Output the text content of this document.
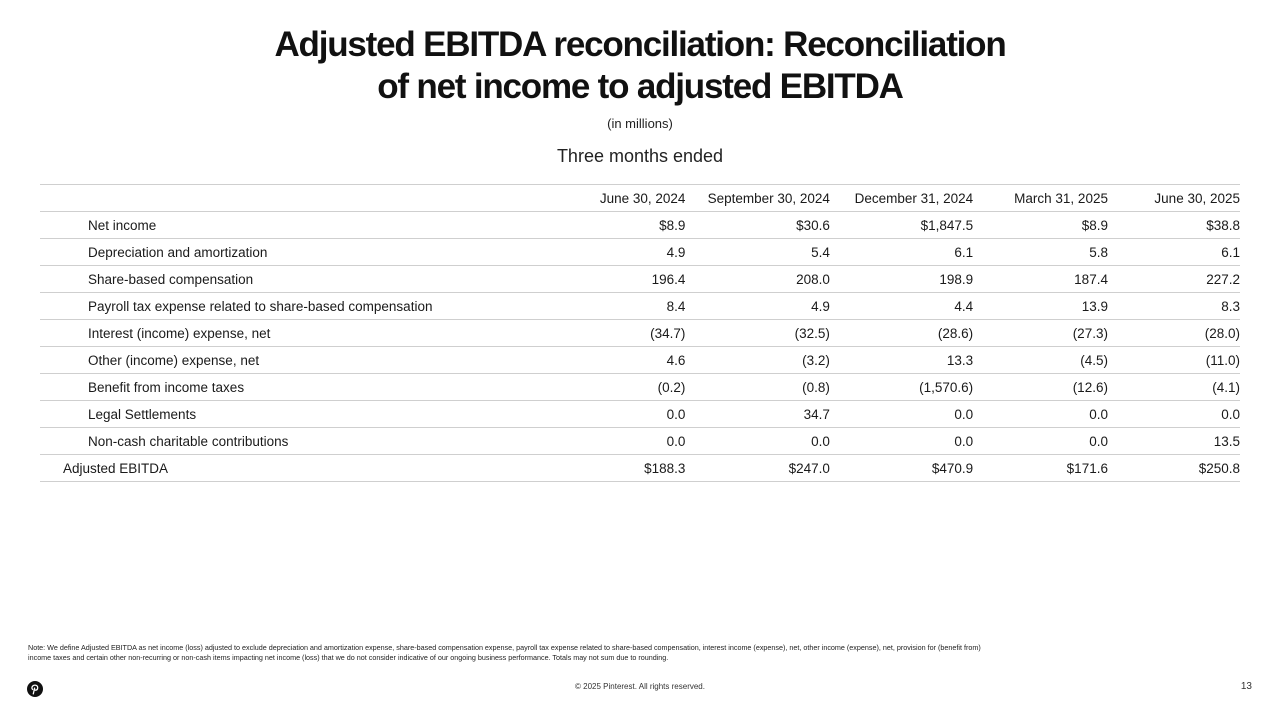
Adjusted EBITDA reconciliation: Reconciliation
of net income to adjusted EBITDA
(in millions)
Three months ended
	June 30, 2024	September 30, 2024	December 31, 2024	March 31, 2025	June 30, 2025
Net income	$8.9	$30.6	$1,847.5	$8.9	$38.8
Depreciation and amortization	4.9	5.4	6.1	5.8	6.1
Share-based compensation	196.4	208.0	198.9	187.4	227.2
Payroll tax expense related to share-based compensation	8.4	4.9	4.4	13.9	8.3
Interest (income) expense, net	(34.7)	(32.5)	(28.6)	(27.3)	(28.0)
Other (income) expense, net	4.6	(3.2)	13.3	(4.5)	(11.0)
Benefit from income taxes	(0.2)	(0.8)	(1,570.6)	(12.6)	(4.1)
Legal Settlements	0.0	34.7	0.0	0.0	0.0
Non-cash charitable contributions	0.0	0.0	0.0	0.0	13.5
Adjusted EBITDA	$188.3	$247.0	$470.9	$171.6	$250.8
Note: We define Adjusted EBITDA as net income (loss) adjusted to exclude depreciation and amortization expense, share-based compensation expense, payroll tax expense related to share-based compensation, interest income (expense), net, other income (expense), net, provision for (benefit from) income taxes and certain other non-recurring or non-cash items impacting net income (loss) that we do not consider indicative of our ongoing business performance. Totals may not sum due to rounding.
© 2025 Pinterest. All rights reserved.	13
